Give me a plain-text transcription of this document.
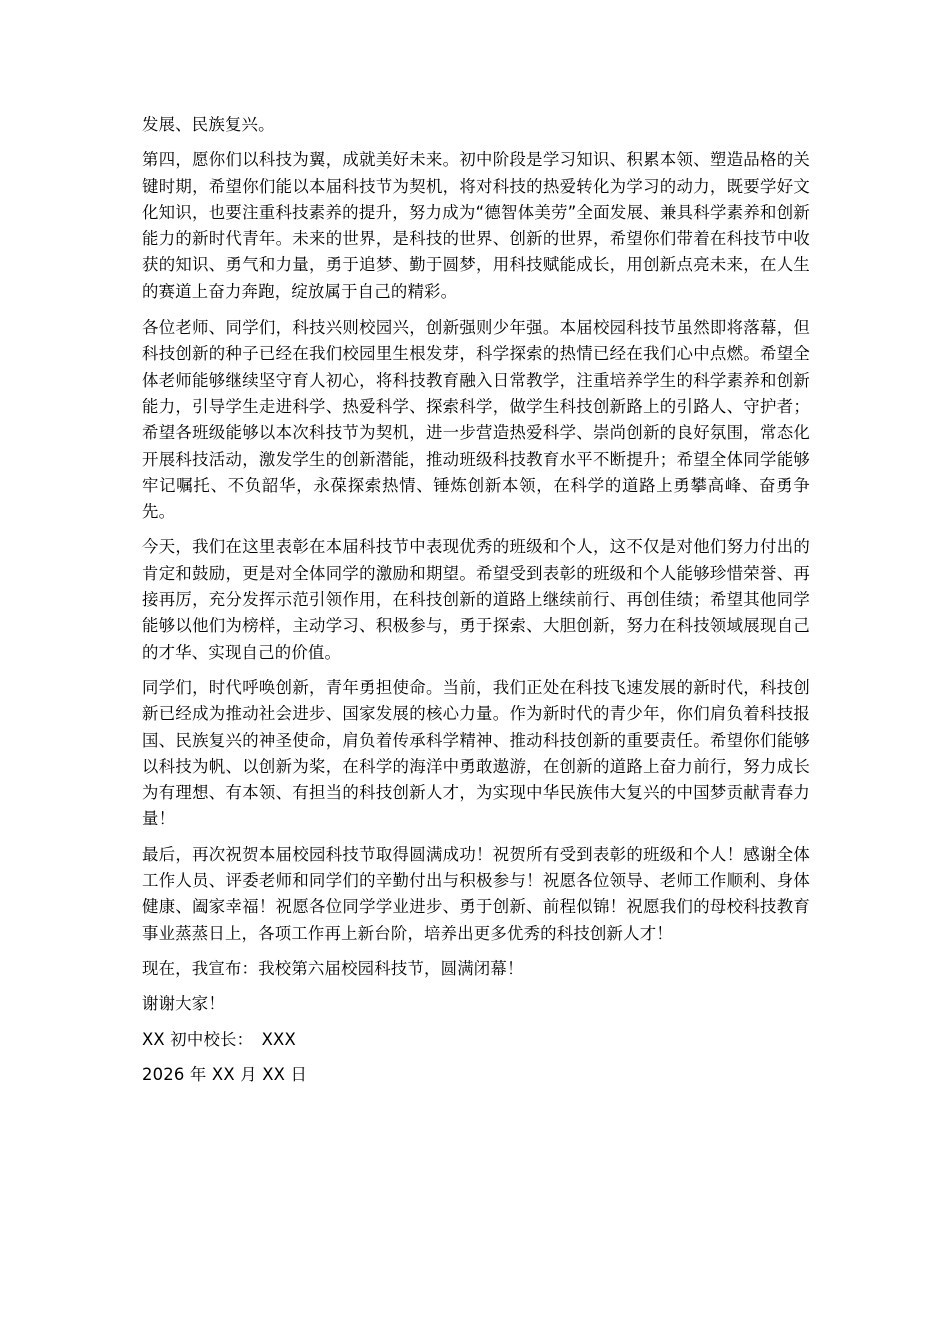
发展、民族复兴。

第四，愿你们以科技为翼，成就美好未来。初中阶段是学习知识、积累本领、塑造品格的关键时期，希望你们能以本届科技节为契机，将对科技的热爱转化为学习的动力，既要学好文化知识，也要注重科技素养的提升，努力成为“德智体美劳”全面发展、兼具科学素养和创新能力的新时代青年。未来的世界，是科技的世界、创新的世界，希望你们带着在科技节中收获的知识、勇气和力量，勇于追梦、勤于圆梦，用科技赋能成长，用创新点亮未来，在人生的赛道上奋力奔跑，绽放属于自己的精彩。

各位老师、同学们，科技兴则校园兴，创新强则少年强。本届校园科技节虽然即将落幕，但科技创新的种子已经在我们校园里生根发芽，科学探索的热情已经在我们心中点燃。希望全体老师能够继续坚守育人初心，将科技教育融入日常教学，注重培养学生的科学素养和创新能力，引导学生走进科学、热爱科学、探索科学，做学生科技创新路上的引路人、守护者；希望各班级能够以本次科技节为契机，进一步营造热爱科学、崇尚创新的良好氛围，常态化开展科技活动，激发学生的创新潜能，推动班级科技教育水平不断提升；希望全体同学能够牢记嘱托、不负韶华，永葆探索热情、锤炼创新本领，在科学的道路上勇攀高峰、奋勇争先。

今天，我们在这里表彰在本届科技节中表现优秀的班级和个人，这不仅是对他们努力付出的肯定和鼓励，更是对全体同学的激励和期望。希望受到表彰的班级和个人能够珍惜荣誉、再接再厉，充分发挥示范引领作用，在科技创新的道路上继续前行、再创佳绩；希望其他同学能够以他们为榜样，主动学习、积极参与，勇于探索、大胆创新，努力在科技领域展现自己的才华、实现自己的价值。

同学们，时代呼唤创新，青年勇担使命。当前，我们正处在科技飞速发展的新时代，科技创新已经成为推动社会进步、国家发展的核心力量。作为新时代的青少年，你们肩负着科技报国、民族复兴的神圣使命，肩负着传承科学精神、推动科技创新的重要责任。希望你们能够以科技为帆、以创新为桨，在科学的海洋中勇敢遨游，在创新的道路上奋力前行，努力成长为有理想、有本领、有担当的科技创新人才，为实现中华民族伟大复兴的中国梦贡献青春力量！

最后，再次祝贺本届校园科技节取得圆满成功！祝贺所有受到表彰的班级和个人！感谢全体工作人员、评委老师和同学们的辛勤付出与积极参与！祝愿各位领导、老师工作顺利、身体健康、阖家幸福！祝愿各位同学学业进步、勇于创新、前程似锦！祝愿我们的母校科技教育事业蒸蒸日上，各项工作再上新台阶，培养出更多优秀的科技创新人才！

现在，我宣布：我校第六届校园科技节，圆满闭幕！

谢谢大家！

XX 初中校长：　XXX

2026 年 XX 月 XX 日
